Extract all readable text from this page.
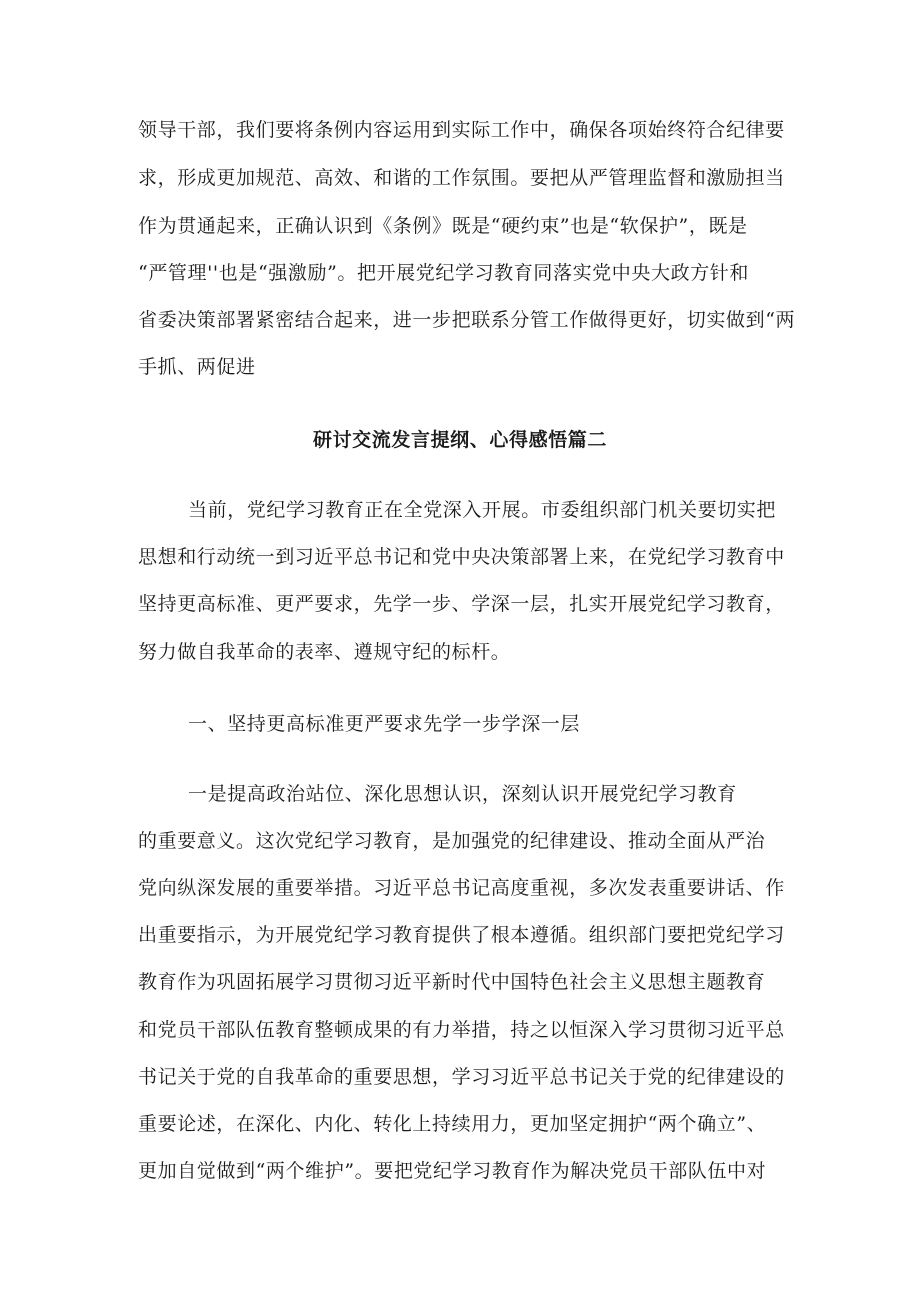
领导干部，我们要将条例内容运用到实际工作中，确保各项始终符合纪律要
求，形成更加规范、高效、和谐的工作氛围。要把从严管理监督和激励担当
作为贯通起来，正确认识到《条例》既是“硬约束”也是“软保护”，既是
“严管理''也是“强激励”。把开展党纪学习教育同落实党中央大政方针和
省委决策部署紧密结合起来，进一步把联系分管工作做得更好，切实做到“两
手抓、两促进
研讨交流发言提纲、心得感悟篇二
当前，党纪学习教育正在全党深入开展。市委组织部门机关要切实把
思想和行动统一到习近平总书记和党中央决策部署上来，在党纪学习教育中
坚持更高标准、更严要求，先学一步、学深一层，扎实开展党纪学习教育，
努力做自我革命的表率、遵规守纪的标杆。
一、坚持更高标准更严要求先学一步学深一层
一是提高政治站位、深化思想认识，深刻认识开展党纪学习教育
的重要意义。这次党纪学习教育，是加强党的纪律建设、推动全面从严治
党向纵深发展的重要举措。习近平总书记高度重视，多次发表重要讲话、作
出重要指示，为开展党纪学习教育提供了根本遵循。组织部门要把党纪学习
教育作为巩固拓展学习贯彻习近平新时代中国特色社会主义思想主题教育
和党员干部队伍教育整顿成果的有力举措，持之以恒深入学习贯彻习近平总
书记关于党的自我革命的重要思想，学习习近平总书记关于党的纪律建设的
重要论述，在深化、内化、转化上持续用力，更加坚定拥护“两个确立”、
更加自觉做到“两个维护”。要把党纪学习教育作为解决党员干部队伍中对
